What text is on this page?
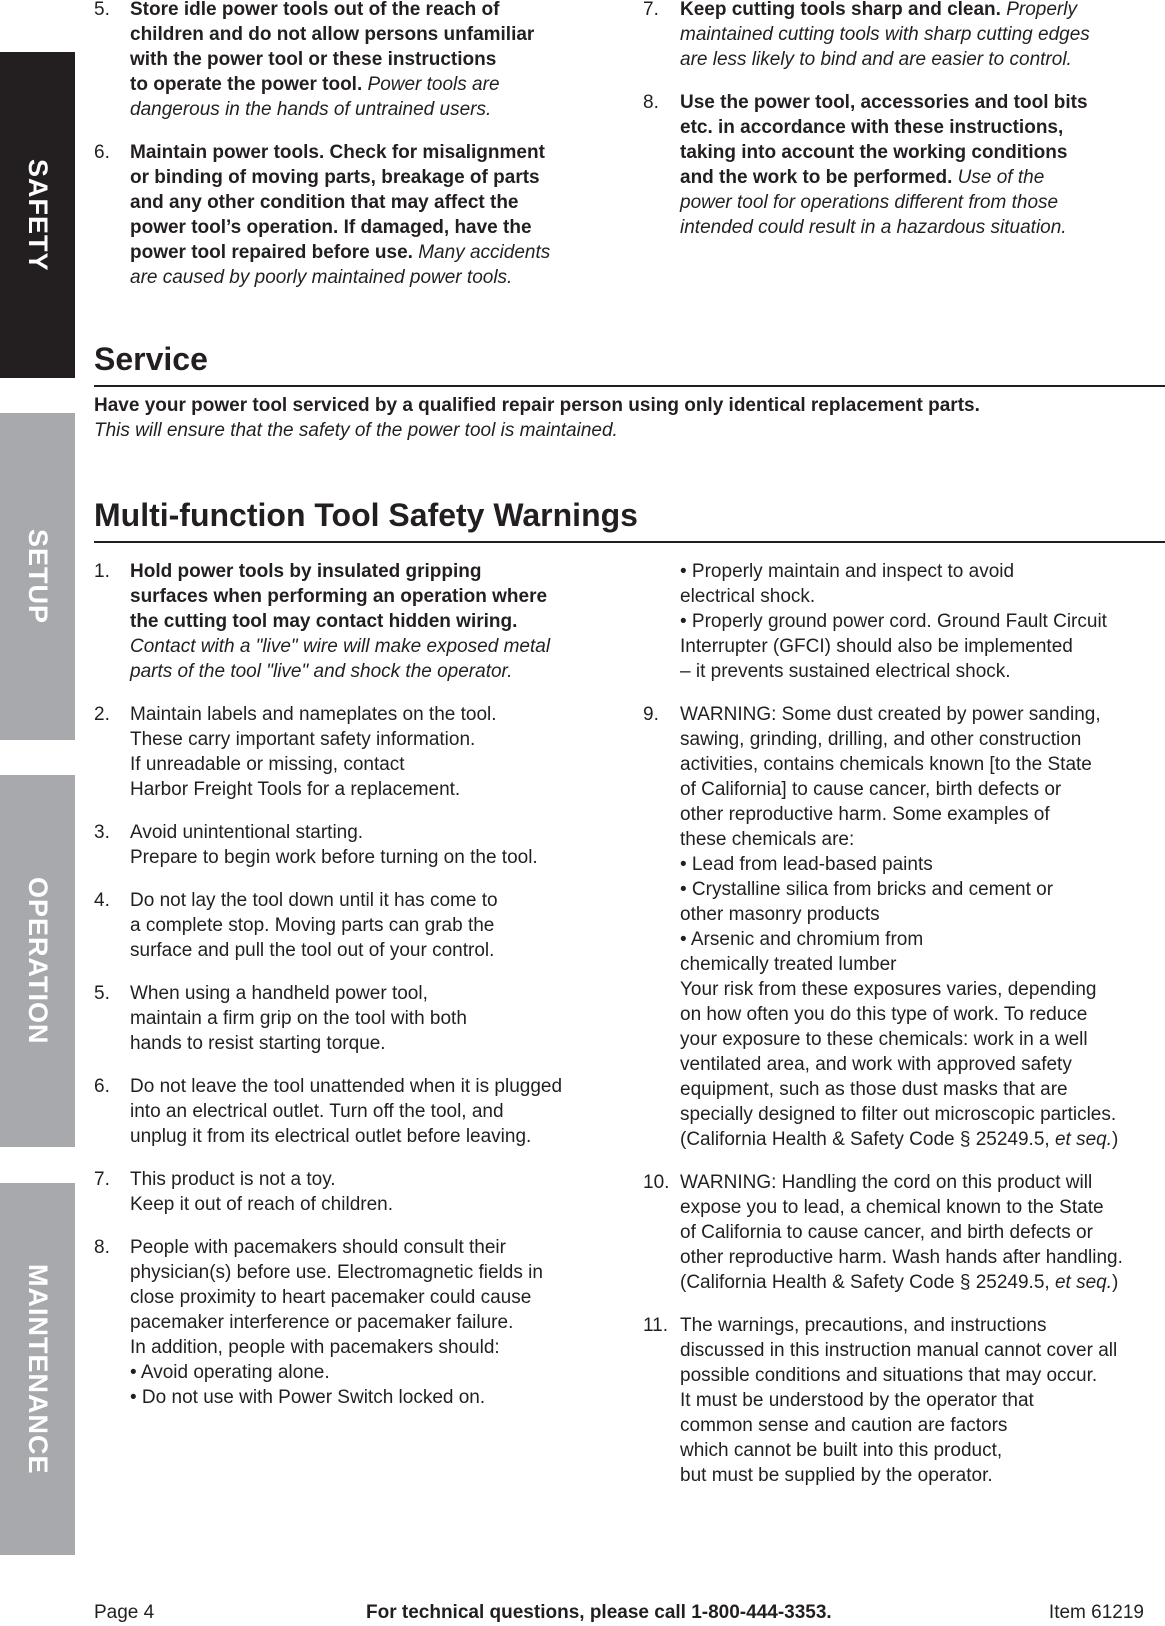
SAFETY
SETUP
OPERATION
MAINTENANCE
5.	Store idle power tools out of the reach of
children and do not allow persons unfamiliar
with the power tool or these instructions
to operate the power tool. Power tools are
dangerous in the hands of untrained users.
6.	Maintain power tools. Check for misalignment
or binding of moving parts, breakage of parts
and any other condition that may affect the
power tool’s operation. If damaged, have the
power tool repaired before use. Many accidents
are caused by poorly maintained power tools.
7.	Keep cutting tools sharp and clean. Properly
maintained cutting tools with sharp cutting edges
are less likely to bind and are easier to control.
8.	Use the power tool, accessories and tool bits
etc. in accordance with these instructions,
taking into account the working conditions
and the work to be performed. Use of the
power tool for operations different from those
intended could result in a hazardous situation.
Service
Have your power tool serviced by a qualified repair person using only identical replacement parts.
This will ensure that the safety of the power tool is maintained.
Multi-function Tool Safety Warnings
1.	Hold power tools by insulated gripping
surfaces when performing an operation where
the cutting tool may contact hidden wiring.
Contact with a "live" wire will make exposed metal
parts of the tool "live" and shock the operator.
2.	Maintain labels and nameplates on the tool.
These carry important safety information.
If unreadable or missing, contact
Harbor Freight Tools for a replacement.
3.	Avoid unintentional starting.
Prepare to begin work before turning on the tool.
4.	Do not lay the tool down until it has come to
a complete stop. Moving parts can grab the
surface and pull the tool out of your control.
5.	When using a handheld power tool,
maintain a firm grip on the tool with both
hands to resist starting torque.
6.	Do not leave the tool unattended when it is plugged
into an electrical outlet. Turn off the tool, and
unplug it from its electrical outlet before leaving.
7.	This product is not a toy.
Keep it out of reach of children.
8.	People with pacemakers should consult their
physician(s) before use. Electromagnetic fields in
close proximity to heart pacemaker could cause
pacemaker interference or pacemaker failure.
In addition, people with pacemakers should:
• Avoid operating alone.
• Do not use with Power Switch locked on.
• Properly maintain and inspect to avoid
electrical shock.
• Properly ground power cord. Ground Fault Circuit
Interrupter (GFCI) should also be implemented
– it prevents sustained electrical shock.
9.	WARNING: Some dust created by power sanding,
sawing, grinding, drilling, and other construction
activities, contains chemicals known [to the State
of California] to cause cancer, birth defects or
other reproductive harm. Some examples of
these chemicals are:
• Lead from lead-based paints
• Crystalline silica from bricks and cement or
other masonry products
• Arsenic and chromium from
chemically treated lumber
Your risk from these exposures varies, depending
on how often you do this type of work. To reduce
your exposure to these chemicals: work in a well
ventilated area, and work with approved safety
equipment, such as those dust masks that are
specially designed to filter out microscopic particles.
(California Health & Safety Code § 25249.5, et seq.)
10. WARNING: Handling the cord on this product will
expose you to lead, a chemical known to the State
of California to cause cancer, and birth defects or
other reproductive harm. Wash hands after handling.
(California Health & Safety Code § 25249.5, et seq.)
11. The warnings, precautions, and instructions
discussed in this instruction manual cannot cover all
possible conditions and situations that may occur.
It must be understood by the operator that
common sense and caution are factors
which cannot be built into this product,
but must be supplied by the operator.
Page 4	For technical questions, please call 1-800-444-3353.	Item 61219
